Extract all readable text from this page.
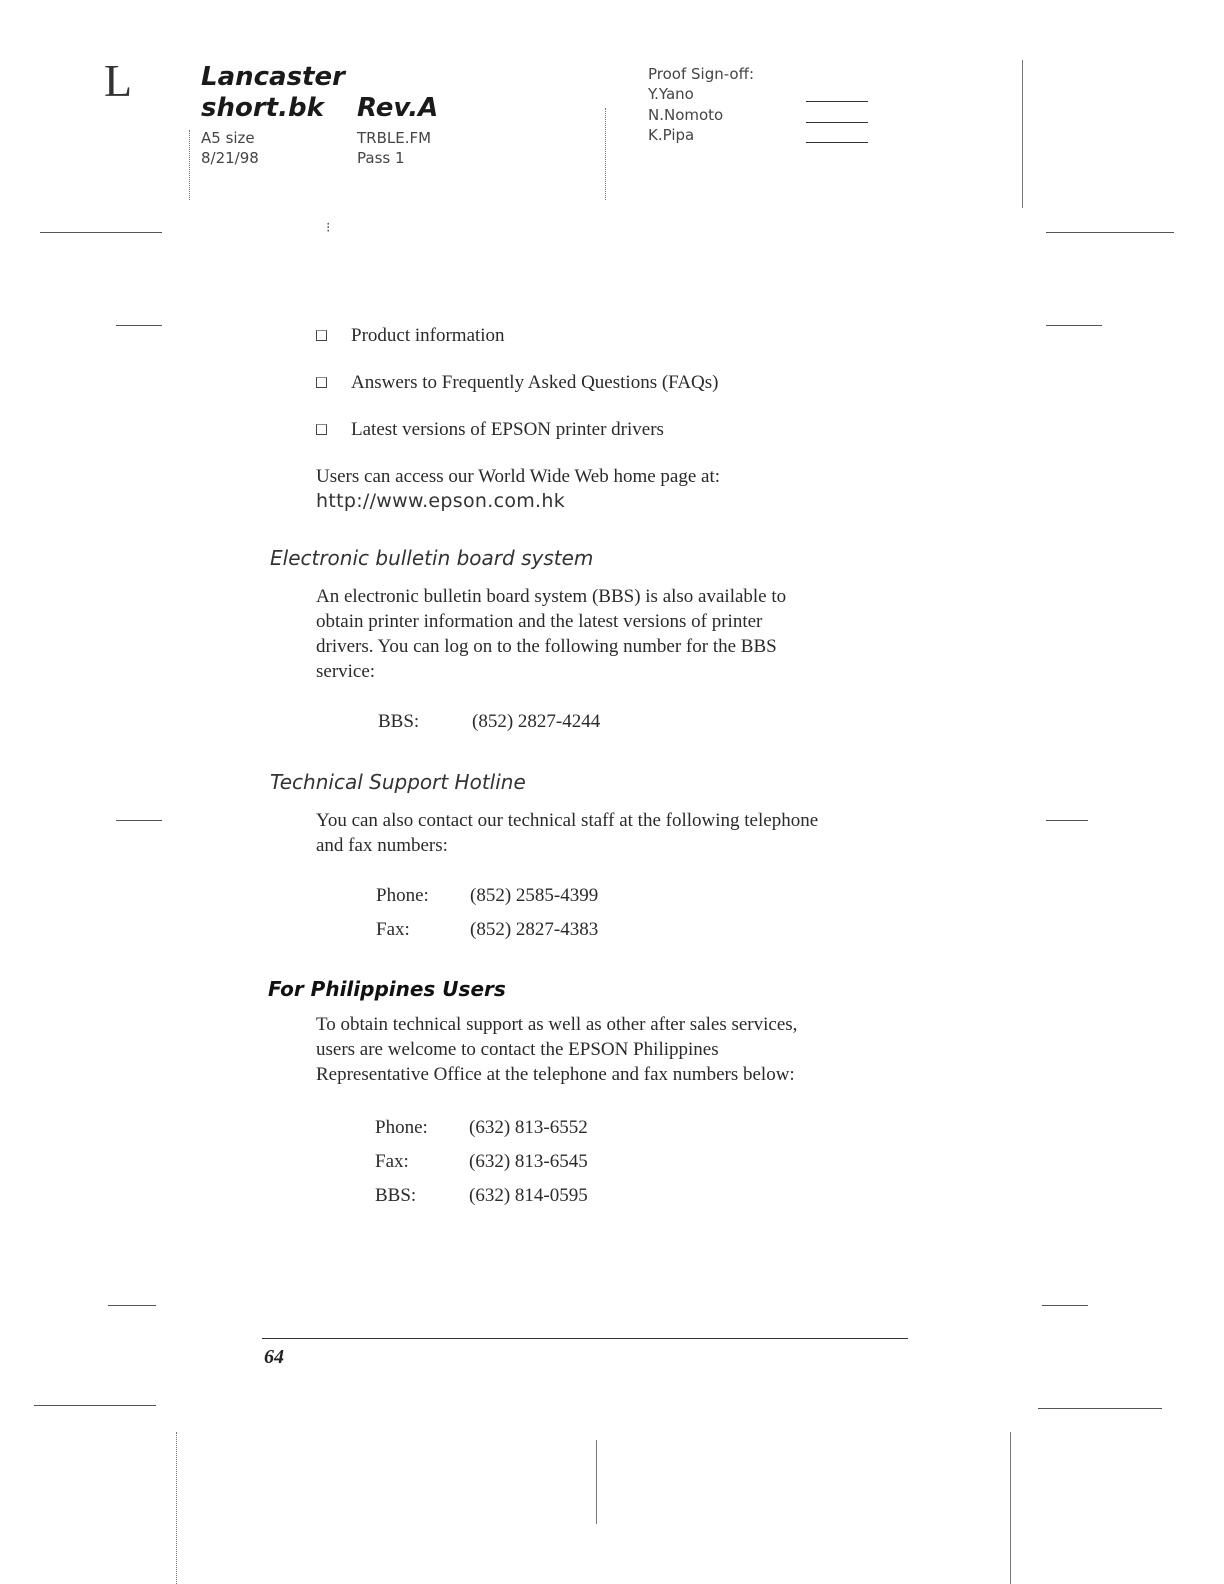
L	Lancaster
short.bk Rev.A
A5 size
8/21/98
TRBLE.FM
Pass 1
Proof Sign-off:
Y.Yano
N.Nomoto
K.Pipa
⁝
Product information
Answers to Frequently Asked Questions (FAQs)
Latest versions of EPSON printer drivers
Users can access our World Wide Web home page at:
http://www.epson.com.hk
Electronic bulletin board system
An electronic bulletin board system (BBS) is also available to
obtain printer information and the latest versions of printer
drivers. You can log on to the following number for the BBS
service:
BBS:	(852) 2827-4244
Technical Support Hotline
You can also contact our technical staff at the following telephone
and fax numbers:
Phone:	(852) 2585-4399
Fax:	(852) 2827-4383
For Philippines Users
To obtain technical support as well as other after sales services,
users are welcome to contact the EPSON Philippines
Representative Office at the telephone and fax numbers below:
Phone:	(632) 813-6552
Fax:	(632) 813-6545
BBS:	(632) 814-0595
64
